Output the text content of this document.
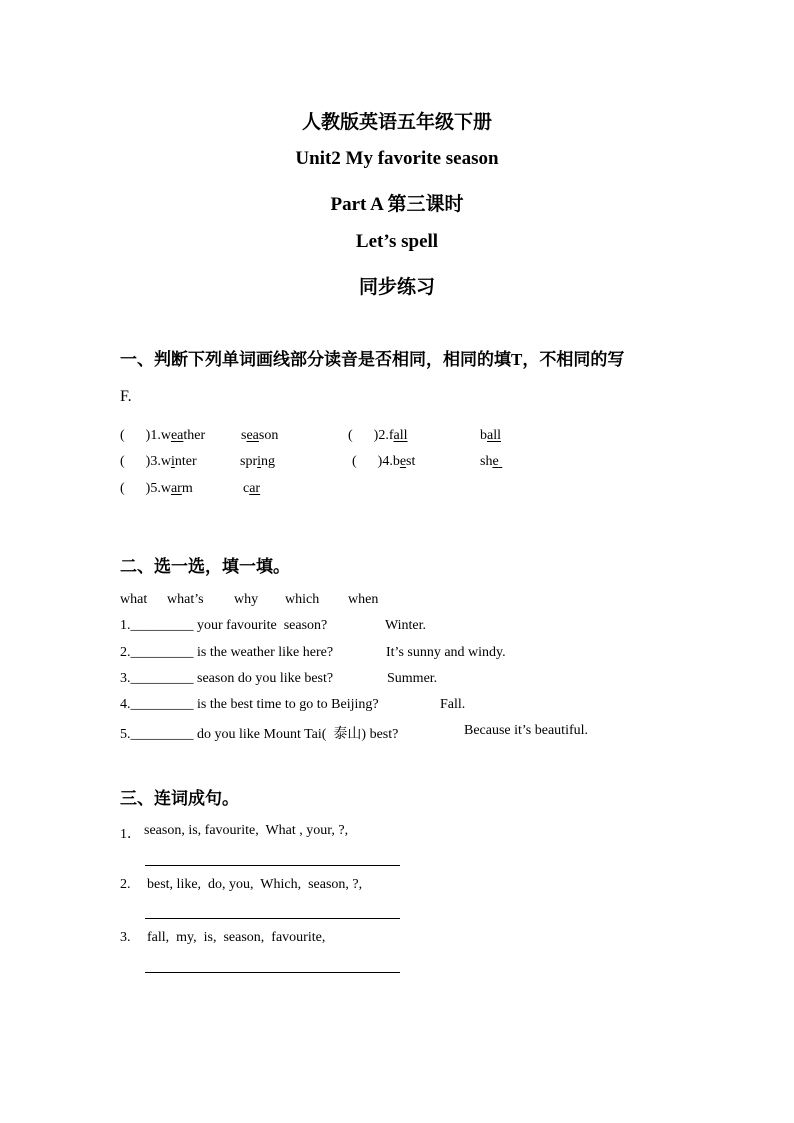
人教版英语五年级下册
Unit2 My favorite season
Part A 第三课时
Let’s spell
同步练习
一、判断下列单词画线部分读音是否相同，相同的填T，不相同的写
F.
(      )1.weather	season	(      )2.fall	ball
(      )3.winter	spring	(      )4.best	she
(      )5.warm	car
二、选一选，填一填。
what what’s why which when
1._________ your favourite  season?	Winter.
2._________ is the weather like here?	It’s sunny and windy.
3._________ season do you like best?	Summer.
4._________ is the best time to go to Beijing?	Fall.
5._________ do you like Mount Tai(  泰山) best?	Because it’s beautiful.
三、连词成句。
1． season, is, favourite,  What , your, ?,
2. best, like,  do, you,  Which,  season, ?,
3. fall,  my,  is,  season,  favourite,
